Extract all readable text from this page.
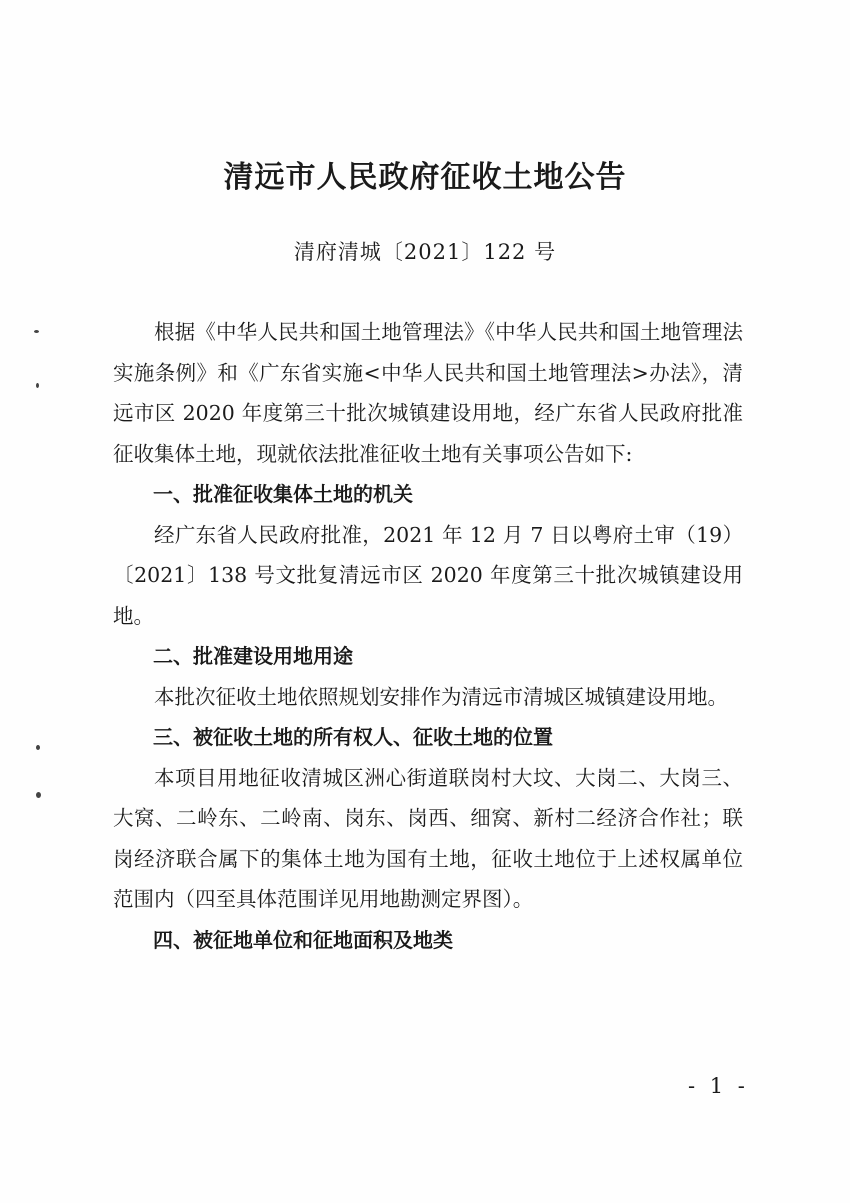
清远市人民政府征收土地公告
清府清城〔2021〕122 号

根据《中华人民共和国土地管理法》《中华人民共和国土地管理法实施条例》和《广东省实施<中华人民共和国土地管理法>办法》，清远市区 2020 年度第三十批次城镇建设用地，经广东省人民政府批准征收集体土地，现就依法批准征收土地有关事项公告如下:

一、批准征收集体土地的机关

经广东省人民政府批准，2021 年 12 月 7 日以粤府土审（19）〔2021〕138 号文批复清远市区 2020 年度第三十批次城镇建设用地。

二、批准建设用地用途

本批次征收土地依照规划安排作为清远市清城区城镇建设用地。

三、被征收土地的所有权人、征收土地的位置

本项目用地征收清城区洲心街道联岗村大坟、大岗二、大岗三、大窝、二岭东、二岭南、岗东、岗西、细窝、新村二经济合作社；联岗经济联合属下的集体土地为国有土地，征收土地位于上述权属单位范围内（四至具体范围详见用地勘测定界图）。

四、被征地单位和征地面积及地类

- 1 -
